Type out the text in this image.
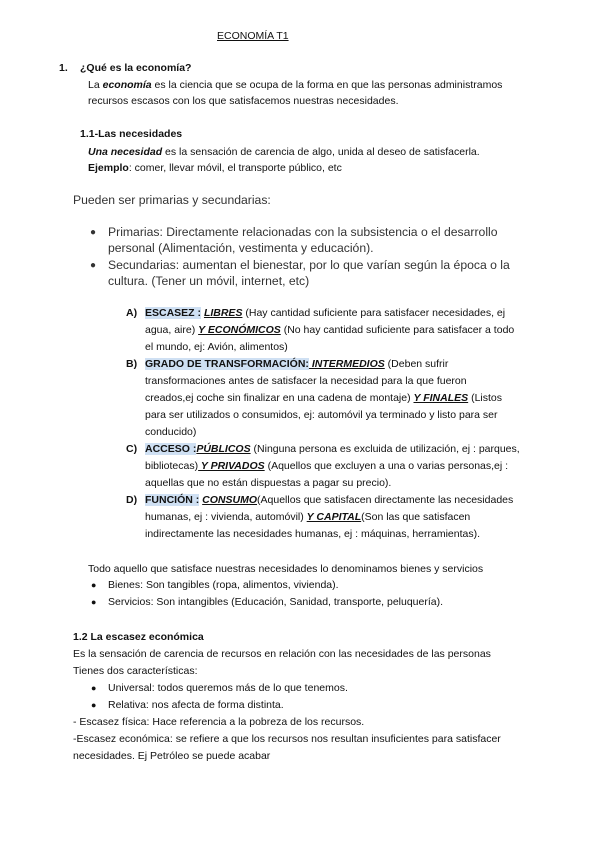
ECONOMÍA T1
1. ¿Qué es la economía?
La economía es la ciencia que se ocupa de la forma en que las personas administramos
recursos escasos con los que satisfacemos nuestras necesidades.
1.1-Las necesidades
Una necesidad es la sensación de carencia de algo, unida al deseo de satisfacerla.
Ejemplo: comer, llevar móvil, el transporte público, etc
Pueden ser primarias y secundarias:
● Primarias: Directamente relacionadas con la subsistencia o el desarrollo
personal (Alimentación, vestimenta y educación).
● Secundarias: aumentan el bienestar, por lo que varían según la época o la
cultura. (Tener un móvil, internet, etc)
A) ESCASEZ : LIBRES (Hay cantidad suficiente para satisfacer necesidades, ej
agua, aire) Y ECONÓMICOS (No hay cantidad suficiente para satisfacer a todo
el mundo, ej: Avión, alimentos)
B) GRADO DE TRANSFORMACIÓN: INTERMEDIOS (Deben sufrir
transformaciones antes de satisfacer la necesidad para la que fueron
creados,ej coche sin finalizar en una cadena de montaje) Y FINALES (Listos
para ser utilizados o consumidos, ej: automóvil ya terminado y listo para ser
conducido)
C) ACCESO :PÚBLICOS (Ninguna persona es excluida de utilización, ej : parques,
bibliotecas) Y PRIVADOS (Aquellos que excluyen a una o varias personas,ej :
aquellas que no están dispuestas a pagar su precio).
D) FUNCIÓN : CONSUMO(Aquellos que satisfacen directamente las necesidades
humanas, ej : vivienda, automóvil) Y CAPITAL(Son las que satisfacen
indirectamente las necesidades humanas, ej : máquinas, herramientas).
Todo aquello que satisface nuestras necesidades lo denominamos bienes y servicios
● Bienes: Son tangibles (ropa, alimentos, vivienda).
● Servicios: Son intangibles (Educación, Sanidad, transporte, peluquería).
1.2 La escasez económica
Es la sensación de carencia de recursos en relación con las necesidades de las personas
Tienes dos características:
● Universal: todos queremos más de lo que tenemos.
● Relativa: nos afecta de forma distinta.
- Escasez física: Hace referencia a la pobreza de los recursos.
-Escasez económica: se refiere a que los recursos nos resultan insuficientes para satisfacer
necesidades. Ej Petróleo se puede acabar
